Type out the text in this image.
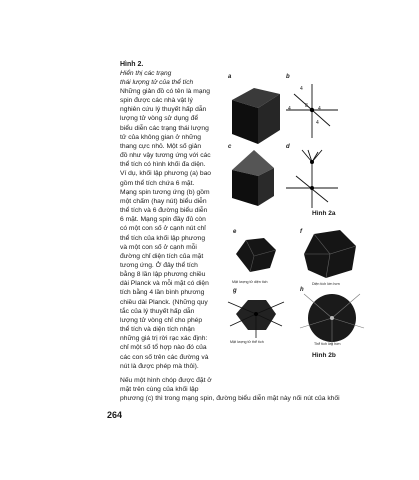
Hình 2.
Hiển thị các trạng
thái lượng tử của thể tích
Những giản đồ có tên là mạng
spin được các nhà vật lý
nghiên cứu lý thuyết hấp dẫn
lượng tử vòng sử dụng để
biểu diễn các trạng thái lượng
tử của không gian ở những
thang cực nhỏ. Một số giản
đồ như vậy tương ứng với các
thể tích có hình khối đa diện.
Ví dụ, khối lập phương (a) bao
gồm thể tích chứa 6 mặt.
Mạng spin tương ứng (b) gồm
một chấm (hay nút) biểu diễn
thể tích và 6 đường biểu diễn
6 mặt. Mạng spin đầy đủ còn
có một con số ở cạnh nút chỉ
thể tích của khối lập phương
và một con số ở cạnh mỗi
đường chỉ diện tích của mặt
tương ứng. Ở đây thể tích
bằng 8 lần lập phương chiều
dài Planck và mỗi mặt có diện
tích bằng 4 lần bình phương
chiều dài Planck. (Những quy
tắc của lý thuyết hấp dẫn
lượng tử vòng chỉ cho phép
thể tích và diện tích nhận
những giá trị rời rạc xác định:
chỉ một số tổ hợp nào đó của
các con số trên các đường và
nút là được phép mà thôi).
Nếu một hình chóp được đặt ở
mặt trên cùng của khối lập
phương (c) thì trong mạng spin, đường biểu diễn mặt này nối nút của khối
264
a	b
4
4	4
4
8
c	d
Hình 2a
e
Mặt lượng tử diện tích
f
Diện tích lớn hơn
g
Mặt lượng tử thể tích
h
Thể tích lớn hơn
Hình 2b
